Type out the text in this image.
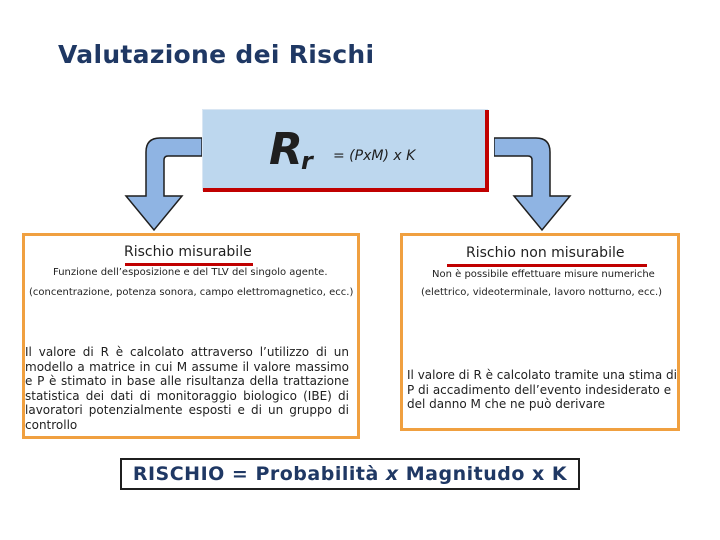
Valutazione dei Rischi
R
r = (PxM) x K
Rischio misurabile
Funzione dell’esposizione e del TLV del singolo agente.
(concentrazione, potenza sonora, campo elettromagnetico, ecc.)
Il valore di R è calcolato attraverso l’utilizzo di un modello a matrice in cui M assume il valore massimo e P è stimato in base alle risultanza della trattazione statistica dei dati di monitoraggio biologico (IBE) di lavoratori potenzialmente esposti e di un gruppo di controllo
Rischio non misurabile
Non è possibile effettuare misure numeriche
(elettrico, videoterminale, lavoro notturno, ecc.)
Il valore di R è calcolato tramite una stima di P di accadimento dell’evento indesiderato e del danno M che ne può derivare
RISCHIO = Probabilità x Magnitudo x K
